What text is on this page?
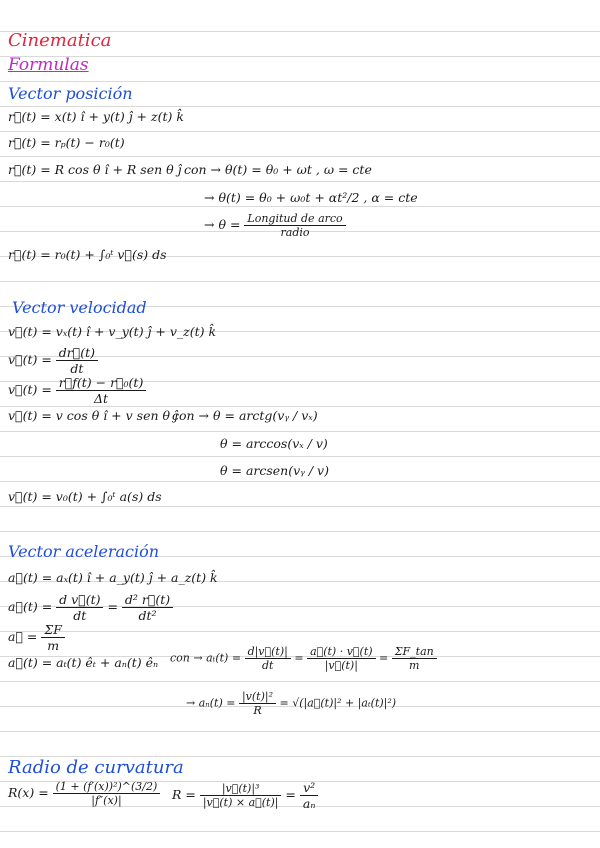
Cinematica
Formulas
Vector posición
r⃗(t) = x(t) î + y(t) ĵ + z(t) k̂
r⃗(t) = rₚ(t) − r₀(t)
r⃗(t) = R cos θ î + R sen θ ĵ con → θ(t) = θ₀ + ωt , ω = cte
→ θ(t) = θ₀ + ω₀t + αt²/2 , α = cte
→ $\theta = \frac{\text{Longitud de arco}}{\text{radio}}$
r⃗(t) = r₀(t) + ∫₀ᵗ v⃗(s) ds
Vector velocidad
v⃗(t) = vₓ(t) î + v_y(t) ĵ + v_z(t) k̂
v⃗(t) = $\frac{dr⃗(t)}{dt}$
v⃗(t) = $\frac{\text{r⃗f(t) − r⃗₀(t)}}{\Delta t}$
v⃗(t) = v cos θ î + v sen θ ĵ
con → θ = arctg(vᵧ / vₓ)
θ = arccos(vₓ / v)
θ = arcsen(vᵧ / v)
v⃗(t) = v₀(t) + ∫₀ᵗ a(s) ds
Vector aceleración
a⃗(t) = aₓ(t) î + a_y(t) ĵ + a_z(t) k̂
a⃗(t) = $\frac{\text{d v⃗(t)}}{dt} = \frac{\text{d² r⃗(t)}}{\text{dt²}}$
a⃗ = $\frac{\Sigma F}{m}$
a⃗(t) = aₜ(t) êₜ + aₙ(t) êₙ con → $a_t(t) = \frac{d|v⃗(t)|}{dt} = \frac{a⃗(t) \cdot v⃗(t)}{|v⃗(t)|} = \frac{\Sigma F\_\tan}{m}$
→ $a_n(t) = \frac{\text{|v(t)|²}}{R}$ = √(|a⃗(t)|² + |aₜ(t)|²)
Radio de curvatura
$R(x) = \frac{\text{(1 + (f′(x))²)\textasciicircum{}(3/2)}}{|f''(x)|}$ $R = \frac{\text{|v⃗(t)|³}}{|v⃗(t) \times a⃗(t)|} = \frac{\text{v²}}{\text{aₙ}}$
